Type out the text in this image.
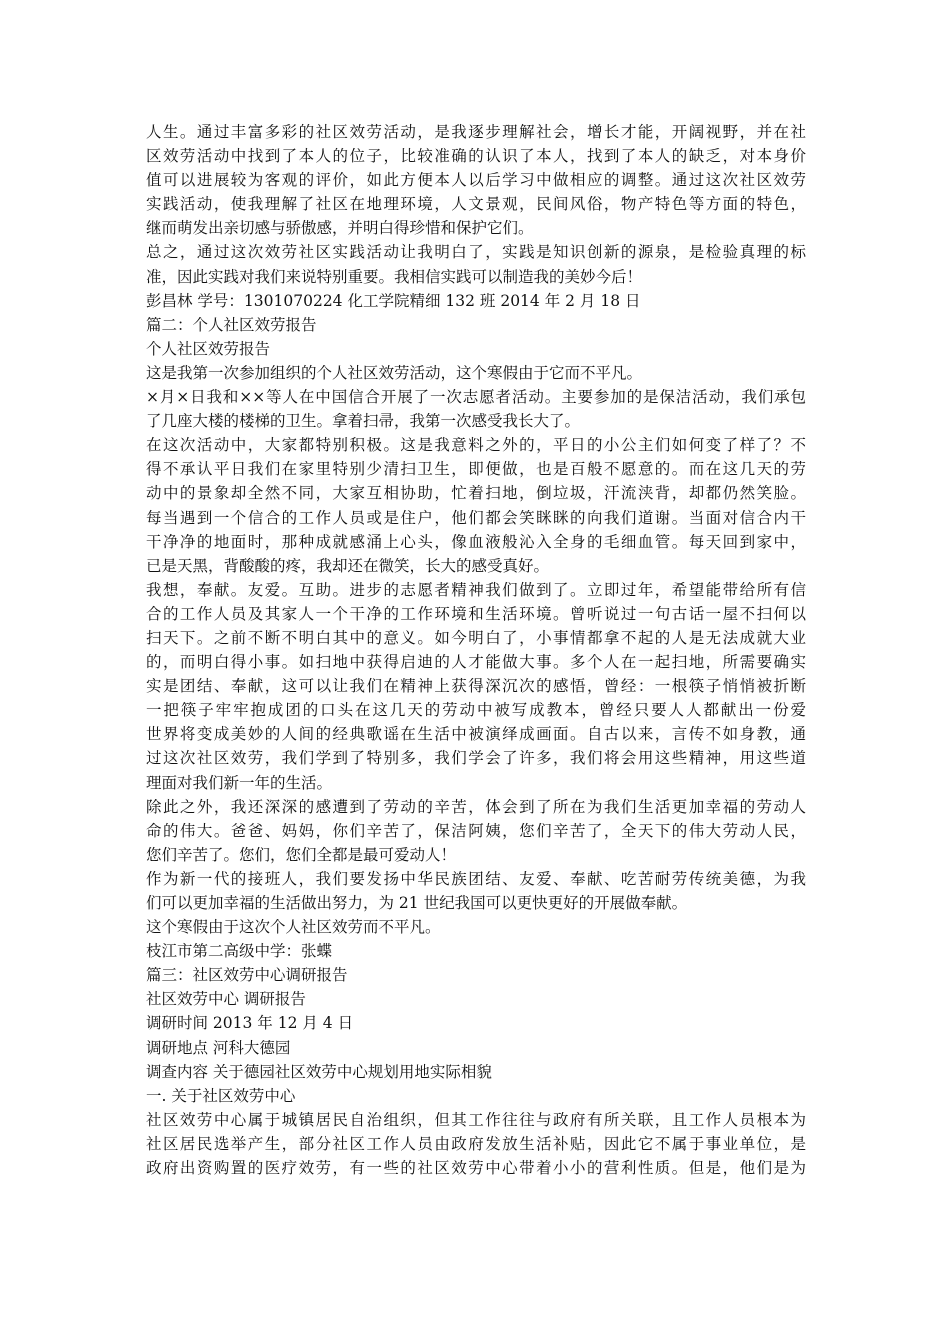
人生。通过丰富多彩的社区效劳活动，是我逐步理解社会，增长才能，开阔视野，并在社
区效劳活动中找到了本人的位子，比较准确的认识了本人，找到了本人的缺乏，对本身价
值可以进展较为客观的评价，如此方便本人以后学习中做相应的调整。通过这次社区效劳
实践活动，使我理解了社区在地理环境，人文景观，民间风俗，物产特色等方面的特色，
继而萌发出亲切感与骄傲感，并明白得珍惜和保护它们。
总之，通过这次效劳社区实践活动让我明白了，实践是知识创新的源泉，是检验真理的标
准，因此实践对我们来说特别重要。我相信实践可以制造我的美妙今后！
彭昌林 学号：1301070224 化工学院精细 132 班 2014 年 2 月 18 日
篇二：个人社区效劳报告
个人社区效劳报告
这是我第一次参加组织的个人社区效劳活动，这个寒假由于它而不平凡。
×月×日我和××等人在中国信合开展了一次志愿者活动。主要参加的是保洁活动，我们承包
了几座大楼的楼梯的卫生。拿着扫帚，我第一次感受我长大了。
在这次活动中，大家都特别积极。这是我意料之外的，平日的小公主们如何变了样了？不
得不承认平日我们在家里特别少清扫卫生，即便做，也是百般不愿意的。而在这几天的劳
动中的景象却全然不同，大家互相协助，忙着扫地，倒垃圾，汗流浃背，却都仍然笑脸。
每当遇到一个信合的工作人员或是住户，他们都会笑眯眯的向我们道谢。当面对信合内干
干净净的地面时，那种成就感涌上心头，像血液般沁入全身的毛细血管。每天回到家中，
已是天黑，背酸酸的疼，我却还在微笑，长大的感受真好。
我想，奉献。友爱。互助。进步的志愿者精神我们做到了。立即过年，希望能带给所有信
合的工作人员及其家人一个干净的工作环境和生活环境。曾听说过一句古话一屋不扫何以
扫天下。之前不断不明白其中的意义。如今明白了，小事情都拿不起的人是无法成就大业
的，而明白得小事。如扫地中获得启迪的人才能做大事。多个人在一起扫地，所需要确实
实是团结、奉献，这可以让我们在精神上获得深沉次的感悟，曾经：一根筷子悄悄被折断
一把筷子牢牢抱成团的口头在这几天的劳动中被写成教本，曾经只要人人都献出一份爱
世界将变成美妙的人间的经典歌谣在生活中被演绎成画面。自古以来，言传不如身教，通
过这次社区效劳，我们学到了特别多，我们学会了许多，我们将会用这些精神，用这些道
理面对我们新一年的生活。
除此之外，我还深深的感遭到了劳动的辛苦，体会到了所在为我们生活更加幸福的劳动人
命的伟大。爸爸、妈妈，你们辛苦了，保洁阿姨，您们辛苦了，全天下的伟大劳动人民，
您们辛苦了。您们，您们全都是最可爱动人！
作为新一代的接班人，我们要发扬中华民族团结、友爱、奉献、吃苦耐劳传统美德，为我
们可以更加幸福的生活做出努力，为 21 世纪我国可以更快更好的开展做奉献。
这个寒假由于这次个人社区效劳而不平凡。
枝江市第二高级中学：张蝶
篇三：社区效劳中心调研报告
社区效劳中心 调研报告
调研时间 2013 年 12 月 4 日
调研地点 河科大德园
调查内容 关于德园社区效劳中心规划用地实际相貌
一. 关于社区效劳中心
社区效劳中心属于城镇居民自治组织，但其工作往往与政府有所关联，且工作人员根本为
社区居民选举产生，部分社区工作人员由政府发放生活补贴，因此它不属于事业单位，是
政府出资购置的医疗效劳，有一些的社区效劳中心带着小小的营利性质。但是，他们是为
